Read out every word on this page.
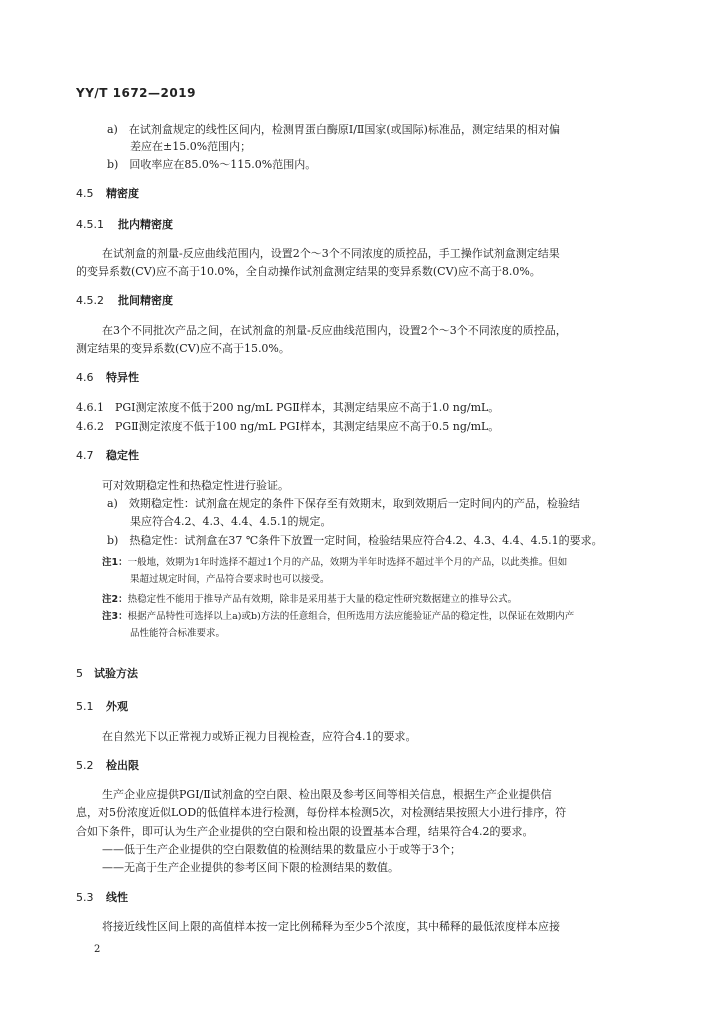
YY/T 1672—2019
a)　在试剂盒规定的线性区间内，检测胃蛋白酶原Ⅰ/Ⅱ国家(或国际)标准品，测定结果的相对偏
差应在±15.0%范围内；
b)　回收率应在85.0%～115.0%范围内。
4.5 精密度
4.5.1 批内精密度
在试剂盒的剂量-反应曲线范围内，设置2个～3个不同浓度的质控品，手工操作试剂盒测定结果
的变异系数(CV)应不高于10.0%，全自动操作试剂盒测定结果的变异系数(CV)应不高于8.0%。
4.5.2 批间精密度
在3个不同批次产品之间，在试剂盒的剂量-反应曲线范围内，设置2个～3个不同浓度的质控品，
测定结果的变异系数(CV)应不高于15.0%。
4.6 特异性
4.6.1　PGⅠ测定浓度不低于200 ng/mL PGⅡ样本，其测定结果应不高于1.0 ng/mL。
4.6.2　PGⅡ测定浓度不低于100 ng/mL PGⅠ样本，其测定结果应不高于0.5 ng/mL。
4.7 稳定性
可对效期稳定性和热稳定性进行验证。
a)　效期稳定性：试剂盒在规定的条件下保存至有效期末，取到效期后一定时间内的产品，检验结
果应符合4.2、4.3、4.4、4.5.1的规定。
b)　热稳定性：试剂盒在37 ℃条件下放置一定时间，检验结果应符合4.2、4.3、4.4、4.5.1的要求。
注1：一般地，效期为1年时选择不超过1个月的产品，效期为半年时选择不超过半个月的产品，以此类推。但如
果超过规定时间，产品符合要求时也可以接受。
注2：热稳定性不能用于推导产品有效期，除非是采用基于大量的稳定性研究数据建立的推导公式。
注3：根据产品特性可选择以上a)或b)方法的任意组合，但所选用方法应能验证产品的稳定性，以保证在效期内产
品性能符合标准要求。
5 试验方法
5.1 外观
在自然光下以正常视力或矫正视力目视检查，应符合4.1的要求。
5.2 检出限
生产企业应提供PGⅠ/Ⅱ试剂盒的空白限、检出限及参考区间等相关信息，根据生产企业提供信
息，对5份浓度近似LOD的低值样本进行检测，每份样本检测5次，对检测结果按照大小进行排序，符
合如下条件，即可认为生产企业提供的空白限和检出限的设置基本合理，结果符合4.2的要求。
——低于生产企业提供的空白限数值的检测结果的数量应小于或等于3个；
——无高于生产企业提供的参考区间下限的检测结果的数值。
5.3 线性
将接近线性区间上限的高值样本按一定比例稀释为至少5个浓度，其中稀释的最低浓度样本应接
2
